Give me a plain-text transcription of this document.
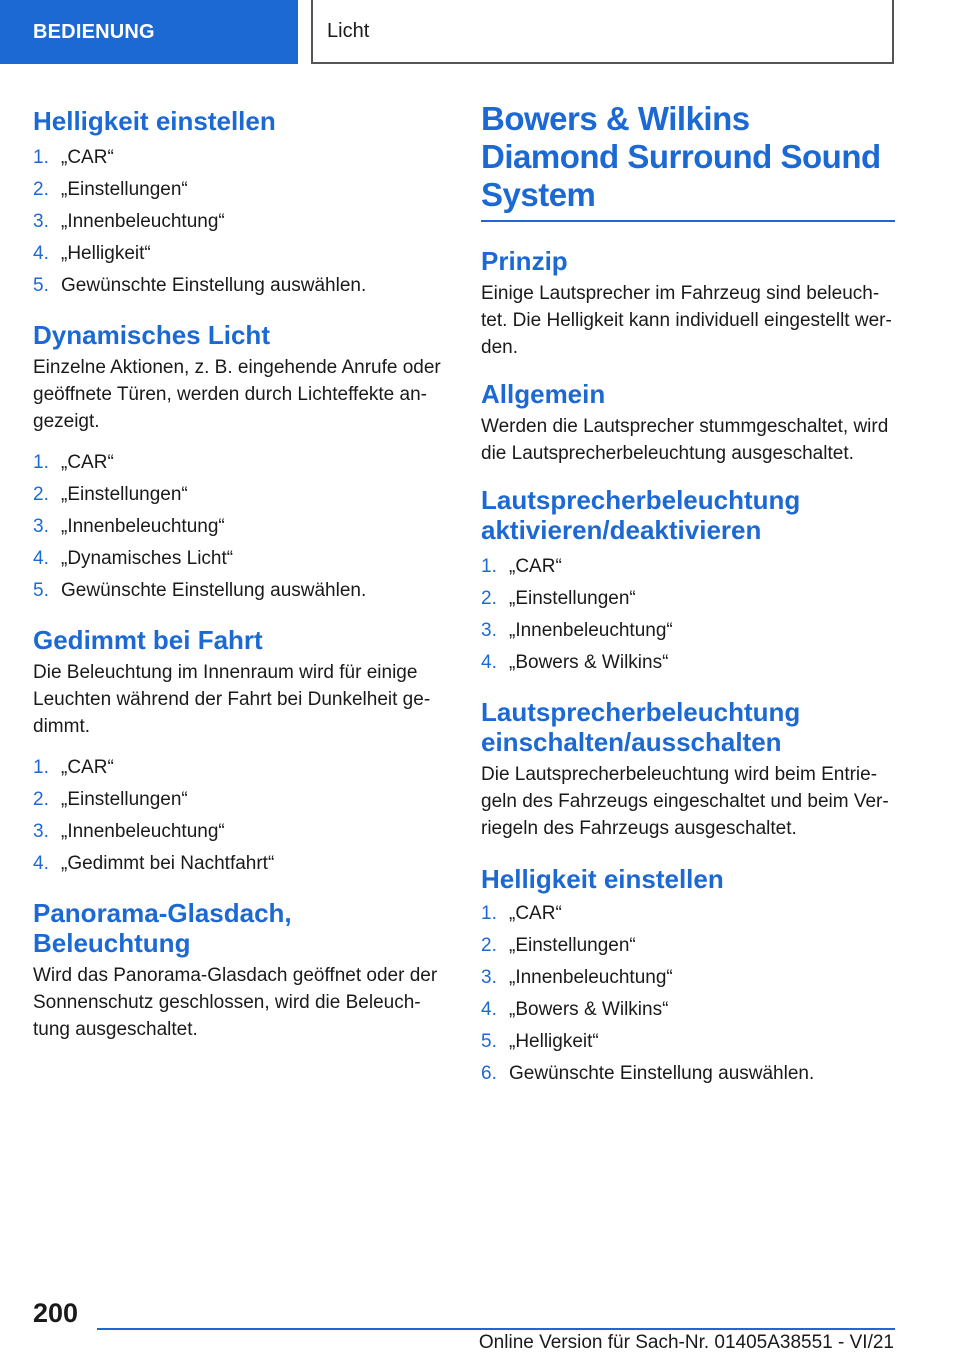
BEDIENUNG	Licht
Helligkeit einstellen
1. „CAR“
2. „Einstellungen“
3. „Innenbeleuchtung“
4. „Helligkeit“
5. Gewünschte Einstellung auswählen.
Dynamisches Licht

Einzelne Aktionen, z. B. eingehende Anrufe oder geöffnete Türen, werden durch Lichteffekte angezeigt.

1. „CAR“
2. „Einstellungen“
3. „Innenbeleuchtung“
4. „Dynamisches Licht“
5. Gewünschte Einstellung auswählen.
Gedimmt bei Fahrt

Die Beleuchtung im Innenraum wird für einige Leuchten während der Fahrt bei Dunkelheit gedimmt.

1. „CAR“
2. „Einstellungen“
3. „Innenbeleuchtung“
4. „Gedimmt bei Nachtfahrt“
Panorama-Glasdach, Beleuchtung

Wird das Panorama-Glasdach geöffnet oder der Sonnenschutz geschlossen, wird die Beleuchtung ausgeschaltet.

Bowers & Wilkins Diamond Surround Sound System
Prinzip

Einige Lautsprecher im Fahrzeug sind beleuchtet. Die Helligkeit kann individuell eingestellt werden.

Allgemein

Werden die Lautsprecher stummgeschaltet, wird die Lautsprecherbeleuchtung ausgeschaltet.

Lautsprecherbeleuchtung aktivieren/deaktivieren
1. „CAR“
2. „Einstellungen“
3. „Innenbeleuchtung“
4. „Bowers & Wilkins“
Lautsprecherbeleuchtung einschalten/ausschalten

Die Lautsprecherbeleuchtung wird beim Entriegeln des Fahrzeugs eingeschaltet und beim Verriegeln des Fahrzeugs ausgeschaltet.

Helligkeit einstellen
1. „CAR“
2. „Einstellungen“
3. „Innenbeleuchtung“
4. „Bowers & Wilkins“
5. „Helligkeit“
6. Gewünschte Einstellung auswählen.
200
Online Version für Sach-Nr. 01405A38551 - VI/21
